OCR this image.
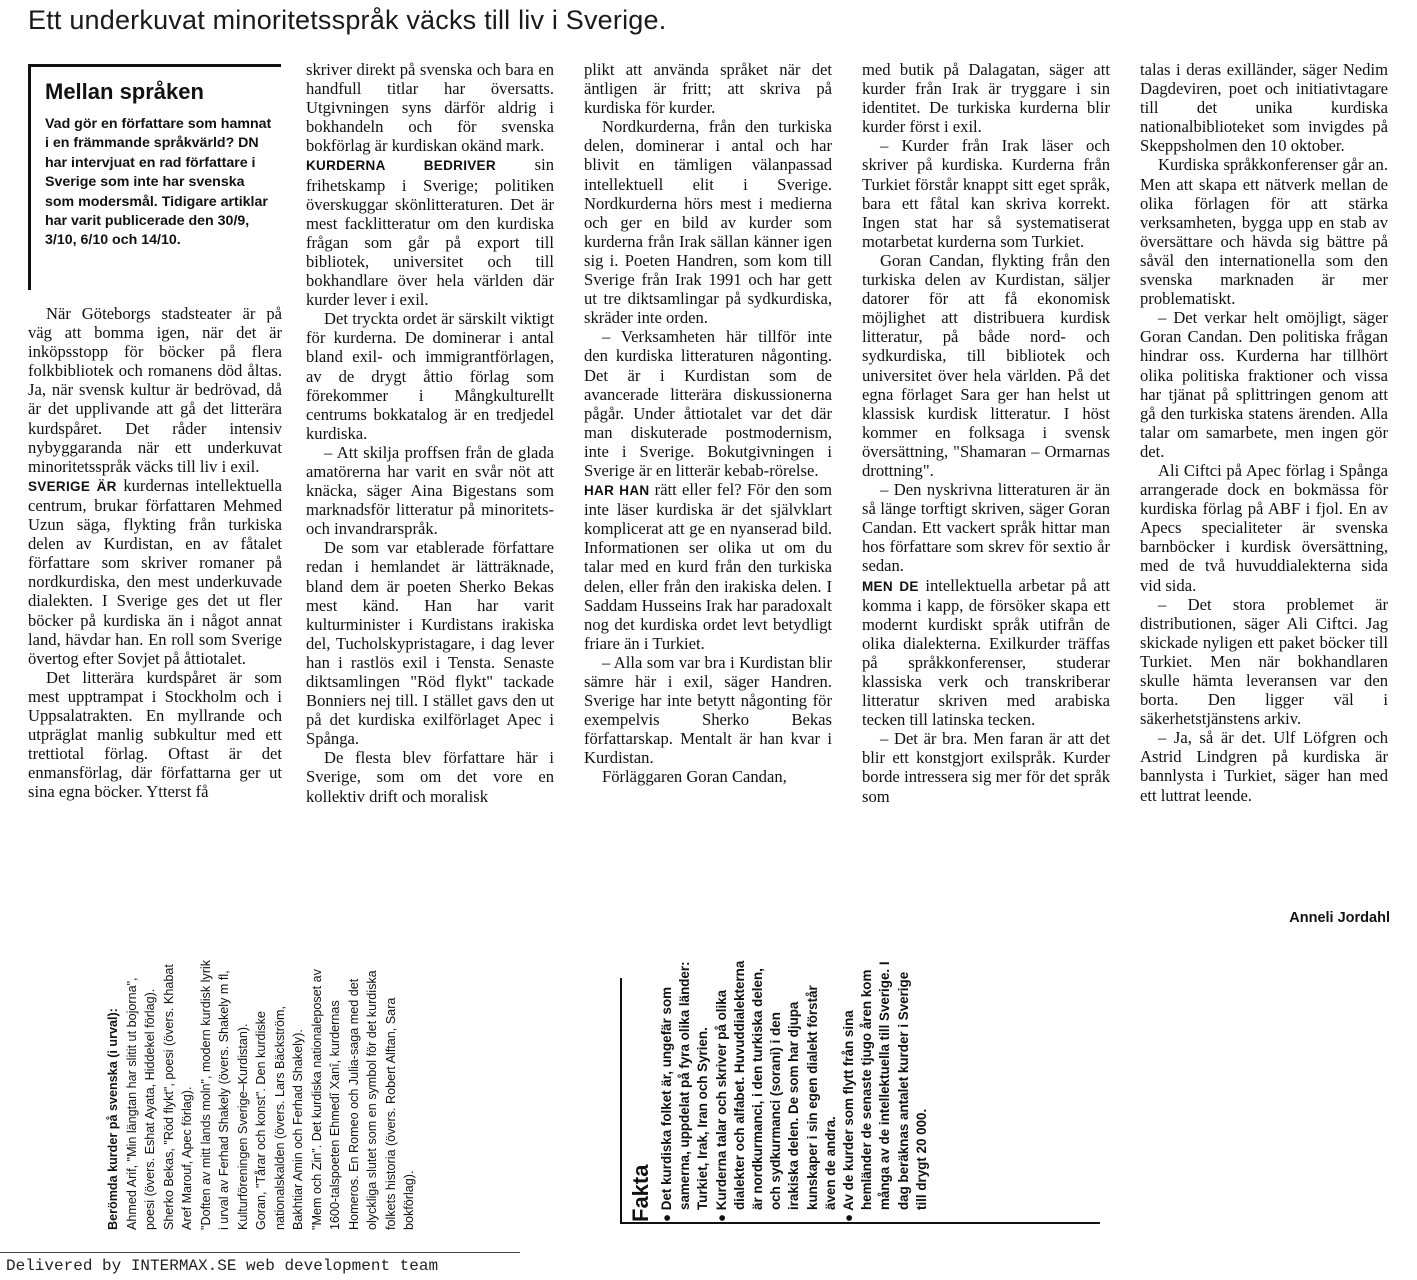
Ett underkuvat minoritetsspråk väcks till liv i Sverige.
Mellan språken
Vad gör en författare som hamnat i en främmande språkvärld? DN har intervjuat en rad författare i Sverige som inte har svenska som modersmål. Tidigare artiklar har varit publicerade den 30/9, 3/10, 6/10 och 14/10.

När Göteborgs stadsteater är på väg att bomma igen, när det är inköpsstopp för böcker på flera folkbibliotek och romanens död åltas. Ja, när svensk kultur är bedrövad, då är det upplivande att gå det litterära kurdspåret. Det råder intensiv nybyggaranda när ett underkuvat minoritetsspråk väcks till liv i exil.

SVERIGE ÄR kurdernas intellektuella centrum, brukar författaren Mehmed Uzun säga, flykting från turkiska delen av Kurdistan, en av fåtalet författare som skriver romaner på nordkurdiska, den mest underkuvade dialekten. I Sverige ges det ut fler böcker på kurdiska än i något annat land, hävdar han. En roll som Sverige övertog efter Sovjet på åttiotalet.

Det litterära kurdspåret är som mest upptrampat i Stockholm och i Uppsalatrakten. En myllrande och utpräglat manlig subkultur med ett trettiotal förlag. Oftast är det enmansförlag, där författarna ger ut sina egna böcker. Ytterst få

skriver direkt på svenska och bara en handfull titlar har översatts. Utgivningen syns därför aldrig i bokhandeln och för svenska bokförlag är kurdiskan okänd mark.

KURDERNA BEDRIVER sin frihetskamp i Sverige; politiken överskuggar skönlitteraturen. Det är mest facklitteratur om den kurdiska frågan som går på export till bibliotek, universitet och till bokhandlare över hela världen där kurder lever i exil.

Det tryckta ordet är särskilt viktigt för kurderna. De dominerar i antal bland exil- och immigrantförlagen, av de drygt åttio förlag som förekommer i Mångkulturellt centrums bokkatalog är en tredjedel kurdiska.

– Att skilja proffsen från de glada amatörerna har varit en svår nöt att knäcka, säger Aina Bigestans som marknadsför litteratur på minoritets- och invandrarspråk.

De som var etablerade författare redan i hemlandet är lätträknade, bland dem är poeten Sherko Bekas mest känd. Han har varit kulturminister i Kurdistans irakiska del, Tucholskypristagare, i dag lever han i rastlös exil i Tensta. Senaste diktsamlingen "Röd flykt" tackade Bonniers nej till. I stället gavs den ut på det kurdiska exilförlaget Apec i Spånga.

De flesta blev författare här i Sverige, som om det vore en kollektiv drift och moralisk

plikt att använda språket när det äntligen är fritt; att skriva på kurdiska för kurder.

Nordkurderna, från den turkiska delen, dominerar i antal och har blivit en tämligen välanpassad intellektuell elit i Sverige. Nordkurderna hörs mest i medierna och ger en bild av kurder som kurderna från Irak sällan känner igen sig i. Poeten Handren, som kom till Sverige från Irak 1991 och har gett ut tre diktsamlingar på sydkurdiska, skräder inte orden.

– Verksamheten här tillför inte den kurdiska litteraturen någonting. Det är i Kurdistan som de avancerade litterära diskussionerna pågår. Under åttiotalet var det där man diskuterade postmodernism, inte i Sverige. Bokutgivningen i Sverige är en litterär kebab-rörelse.

HAR HAN rätt eller fel? För den som inte läser kurdiska är det självklart komplicerat att ge en nyanserad bild. Informationen ser olika ut om du talar med en kurd från den turkiska delen, eller från den irakiska delen. I Saddam Husseins Irak har paradoxalt nog det kurdiska ordet levt betydligt friare än i Turkiet.

– Alla som var bra i Kurdistan blir sämre här i exil, säger Handren. Sverige har inte betytt någonting för exempelvis Sherko Bekas författarskap. Mentalt är han kvar i Kurdistan.

Förläggaren Goran Candan,

med butik på Dalagatan, säger att kurder från Irak är tryggare i sin identitet. De turkiska kurderna blir kurder först i exil.

– Kurder från Irak läser och skriver på kurdiska. Kurderna från Turkiet förstår knappt sitt eget språk, bara ett fåtal kan skriva korrekt. Ingen stat har så systematiserat motarbetat kurderna som Turkiet.

Goran Candan, flykting från den turkiska delen av Kurdistan, säljer datorer för att få ekonomisk möjlighet att distribuera kurdisk litteratur, på både nord- och sydkurdiska, till bibliotek och universitet över hela världen. På det egna förlaget Sara ger han helst ut klassisk kurdisk litteratur. I höst kommer en folksaga i svensk översättning, "Shamaran – Ormarnas drottning".

– Den nyskrivna litteraturen är än så länge torftigt skriven, säger Goran Candan. Ett vackert språk hittar man hos författare som skrev för sextio år sedan.

MEN DE intellektuella arbetar på att komma i kapp, de försöker skapa ett modernt kurdiskt språk utifrån de olika dialekterna. Exilkurder träffas på språkkonferenser, studerar klassiska verk och transkriberar litteratur skriven med arabiska tecken till latinska tecken.

– Det är bra. Men faran är att det blir ett konstgjort exilspråk. Kurder borde intressera sig mer för det språk som

talas i deras exilländer, säger Nedim Dagdeviren, poet och initiativtagare till det unika kurdiska nationalbiblioteket som invigdes på Skeppsholmen den 10 oktober.

Kurdiska språkkonferenser går an. Men att skapa ett nätverk mellan de olika förlagen för att stärka verksamheten, bygga upp en stab av översättare och hävda sig bättre på såväl den internationella som den svenska marknaden är mer problematiskt.

– Det verkar helt omöjligt, säger Goran Candan. Den politiska frågan hindrar oss. Kurderna har tillhört olika politiska fraktioner och vissa har tjänat på splittringen genom att gå den turkiska statens ärenden. Alla talar om samarbete, men ingen gör det.

Ali Ciftci på Apec förlag i Spånga arrangerade dock en bokmässa för kurdiska förlag på ABF i fjol. En av Apecs specialiteter är svenska barnböcker i kurdisk översättning, med de två huvuddialekterna sida vid sida.

– Det stora problemet är distributionen, säger Ali Ciftci. Jag skickade nyligen ett paket böcker till Turkiet. Men när bokhandlaren skulle hämta leveransen var den borta. Den ligger väl i säkerhetstjänstens arkiv.

– Ja, så är det. Ulf Löfgren och Astrid Lindgren på kurdiska är bannlysta i Turkiet, säger han med ett luttrat leende.

Anneli Jordahl

Berömda kurder på svenska (i urval): Ahmed Arif, "Min längtan har slitit ut bojorna", poesi (övers. Eshat Ayata, Hiddekel förlag). Sherko Bekas, "Röd flykt", poesi (övers. Khabat Aref Marouf, Apec förlag). "Doften av mitt lands moln", modern kurdisk lyrik i urval av Ferhad Shakely (övers. Shakely m fl, Kulturföreningen Sverige–Kurdistan). Goran, "Tårar och konst". Den kurdiske nationalskalden (övers. Lars Bäckström, Bakhtiar Amin och Ferhad Shakely). "Mem och Zin". Det kurdiska nationaleposet av 1600-talspoeten Ehmedî Xanî, kurdernas Homeros. En Romeo och Julia-saga med det olyckliga slutet som en symbol för det kurdiska folkets historia (övers. Robert Alftan, Sara bokförlag).	Fakta ● Det kurdiska folket är, ungefär som samerna, uppdelat på fyra olika länder: Turkiet, Irak, Iran och Syrien.
● Kurderna talar och skriver på olika dialekter och alfabet. Huvuddialekterna är nordkurmanci, i den turkiska delen, och sydkurmanci (sorani) i den irakiska delen. De som har djupa kunskaper i sin egen dialekt förstår även de andra.
● Av de kurder som flytt från sina hemländer de senaste tjugo åren kom många av de intellektuella till Sverige. I dag beräknas antalet kurder i Sverige till drygt 20 000.
Delivered by INTERMAX.SE web development team
